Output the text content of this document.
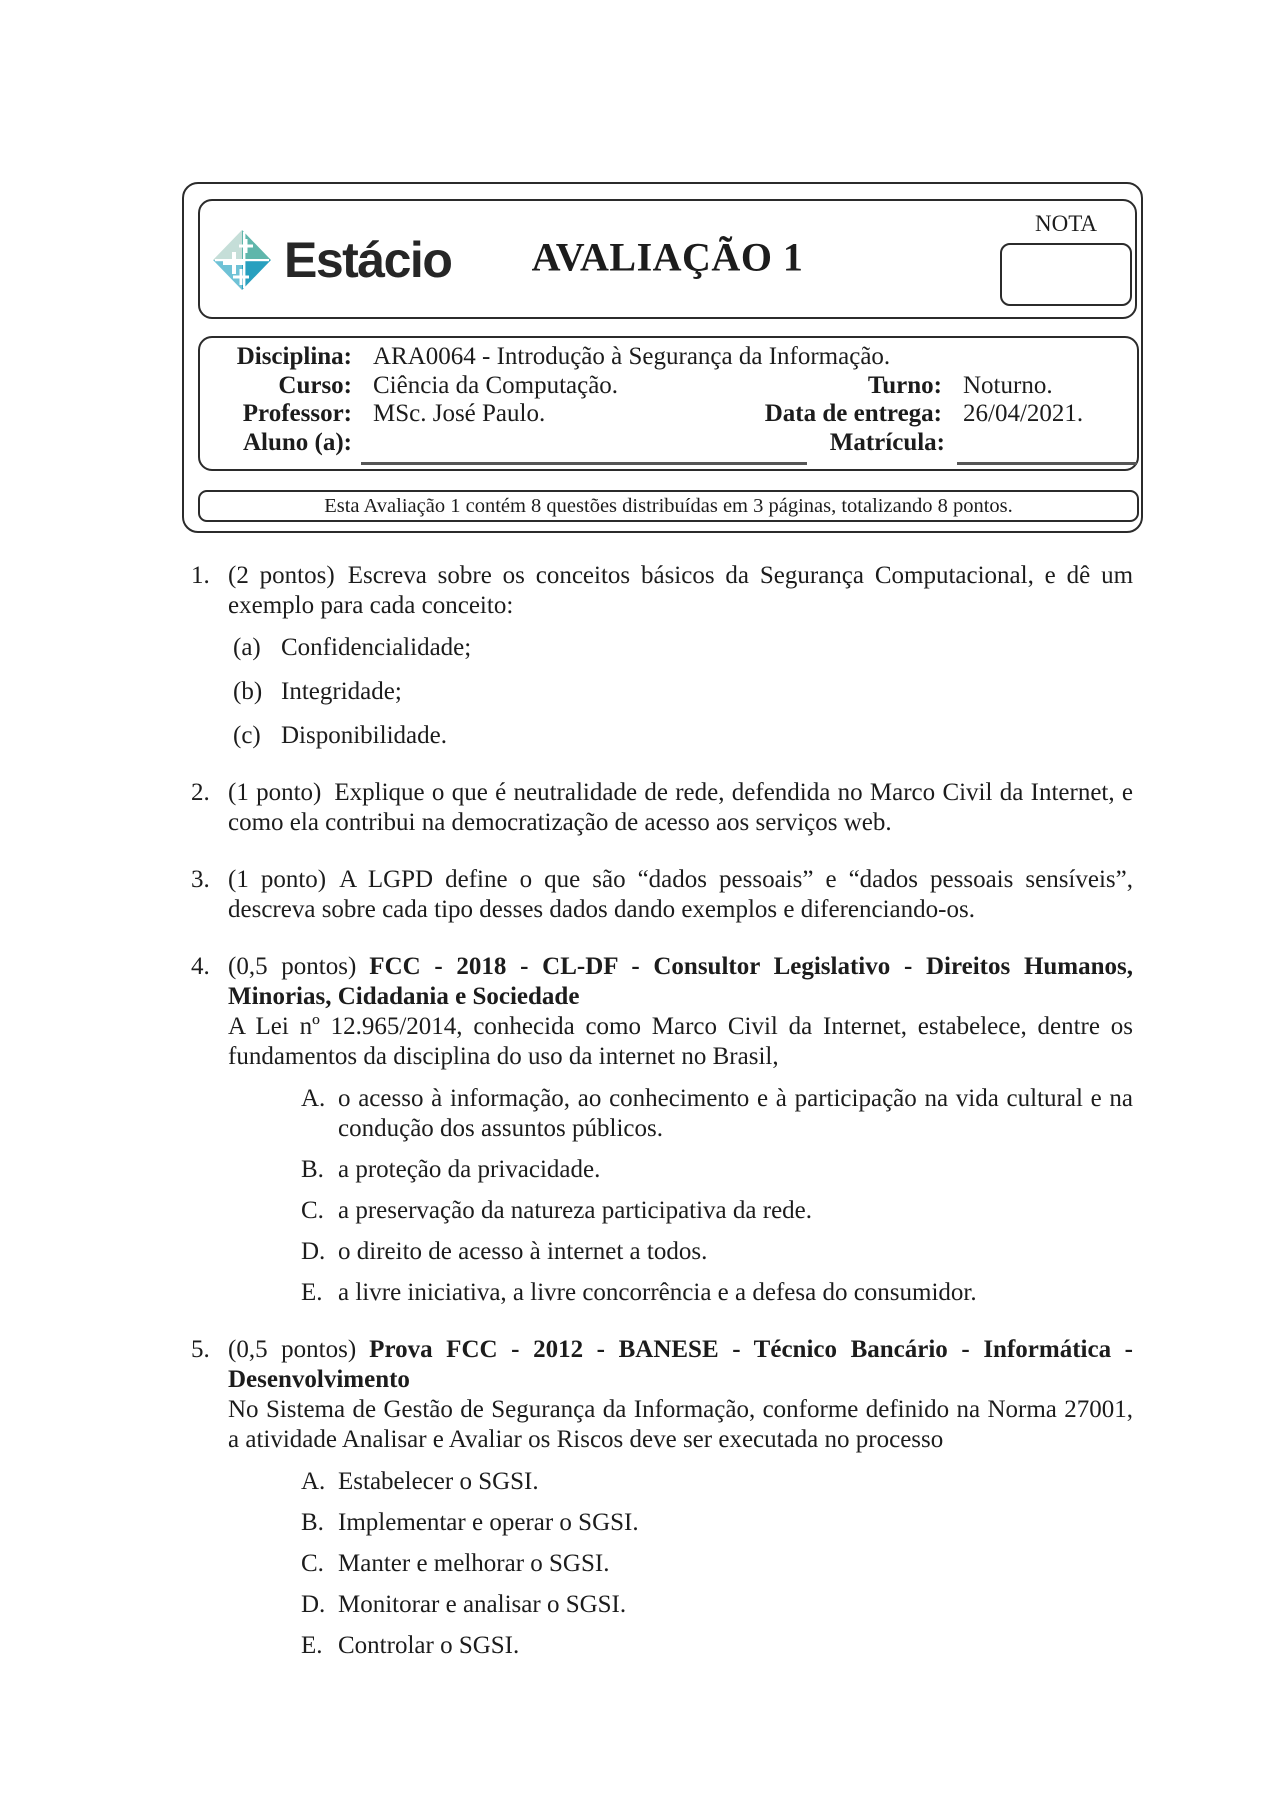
Estácio	AVALIAÇÃO 1
NOTA
Disciplina: ARA0064 - Introdução à Segurança da Informação.
Curso: Ciência da Computação.	Turno: Noturno.
Professor: MSc. José Paulo.	Data de entrega: 26/04/2021.
Aluno (a):	Matrícula:
Esta Avaliação 1 contém 8 questões distribuídas em 3 páginas, totalizando 8 pontos.
1. (2 pontos) Escreva sobre os conceitos básicos da Segurança Computacional, e dê um exemplo para cada conceito:
(a) Confidencialidade;
(b) Integridade;
(c) Disponibilidade.
2. (1 ponto) Explique o que é neutralidade de rede, defendida no Marco Civil da Internet, e como ela contribui na democratização de acesso aos serviços web.
3. (1 ponto) A LGPD define o que são “dados pessoais” e “dados pessoais sensíveis”, descreva sobre cada tipo desses dados dando exemplos e diferenciando-os.
4. (0,5 pontos) FCC - 2018 - CL-DF - Consultor Legislativo - Direitos Humanos, Minorias, Cidadania e Sociedade
A Lei nº 12.965/2014, conhecida como Marco Civil da Internet, estabelece, dentre os fundamentos da disciplina do uso da internet no Brasil,
A. o acesso à informação, ao conhecimento e à participação na vida cultural e na condução dos assuntos públicos.
B. a proteção da privacidade.
C. a preservação da natureza participativa da rede.
D. o direito de acesso à internet a todos.
E. a livre iniciativa, a livre concorrência e a defesa do consumidor.
5. (0,5 pontos) Prova FCC - 2012 - BANESE - Técnico Bancário - Informática - Desenvolvimento
No Sistema de Gestão de Segurança da Informação, conforme definido na Norma 27001, a atividade Analisar e Avaliar os Riscos deve ser executada no processo
A. Estabelecer o SGSI.
B. Implementar e operar o SGSI.
C. Manter e melhorar o SGSI.
D. Monitorar e analisar o SGSI.
E. Controlar o SGSI.
